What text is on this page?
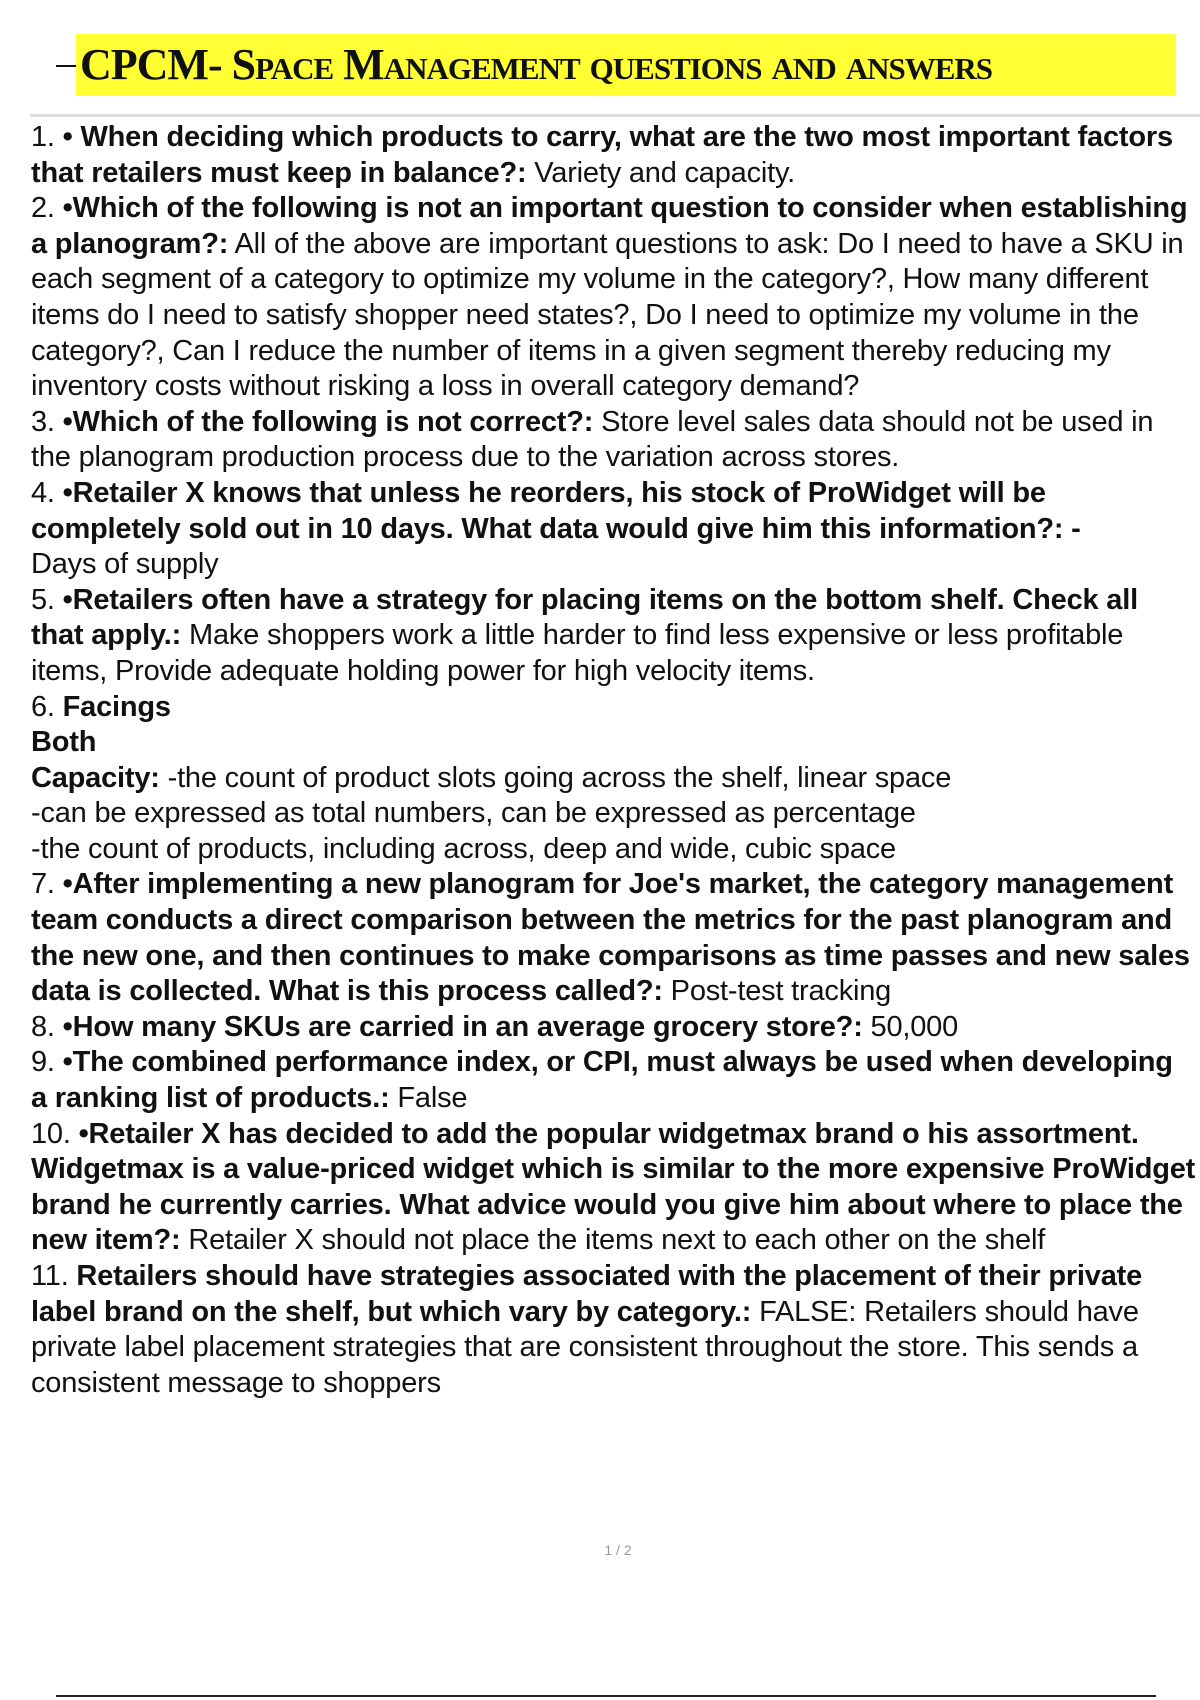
CPCM- Space Management questions and answers

1. • When deciding which products to carry, what are the two most important factors that retailers must keep in balance?: Variety and capacity.

2. •Which of the following is not an important question to consider when establishing a planogram?: All of the above are important questions to ask: Do I need to have a SKU in each segment of a category to optimize my volume in the category?, How many different items do I need to satisfy shopper need states?, Do I need to optimize my volume in the category?, Can I reduce the number of items in a given segment thereby reducing my inventory costs without risking a loss in overall category demand?

3. •Which of the following is not correct?: Store level sales data should not be used in the planogram production process due to the variation across stores.

4. •Retailer X knows that unless he reorders, his stock of ProWidget will be completely sold out in 10 days. What data would give him this information?: -
Days of supply

5. •Retailers often have a strategy for placing items on the bottom shelf. Check all that apply.: Make shoppers work a little harder to find less expensive or less profitable items, Provide adequate holding power for high velocity items.

6. Facings
Both
Capacity: -the count of product slots going across the shelf, linear space
-can be expressed as total numbers, can be expressed as percentage
-the count of products, including across, deep and wide, cubic space

7. •After implementing a new planogram for Joe's market, the category management team conducts a direct comparison between the metrics for the past planogram and the new one, and then continues to make comparisons as time passes and new sales data is collected. What is this process called?: Post-test tracking

8. •How many SKUs are carried in an average grocery store?: 50,000

9. •The combined performance index, or CPI, must always be used when developing a ranking list of products.: False

10. •Retailer X has decided to add the popular widgetmax brand o his assortment. Widgetmax is a value-priced widget which is similar to the more expensive ProWidget brand he currently carries. What advice would you give him about where to place the new item?: Retailer X should not place the items next to each other on the shelf

11. Retailers should have strategies associated with the placement of their private label brand on the shelf, but which vary by category.: FALSE: Retailers should have private label placement strategies that are consistent throughout the store. This sends a consistent message to shoppers

1 / 2
